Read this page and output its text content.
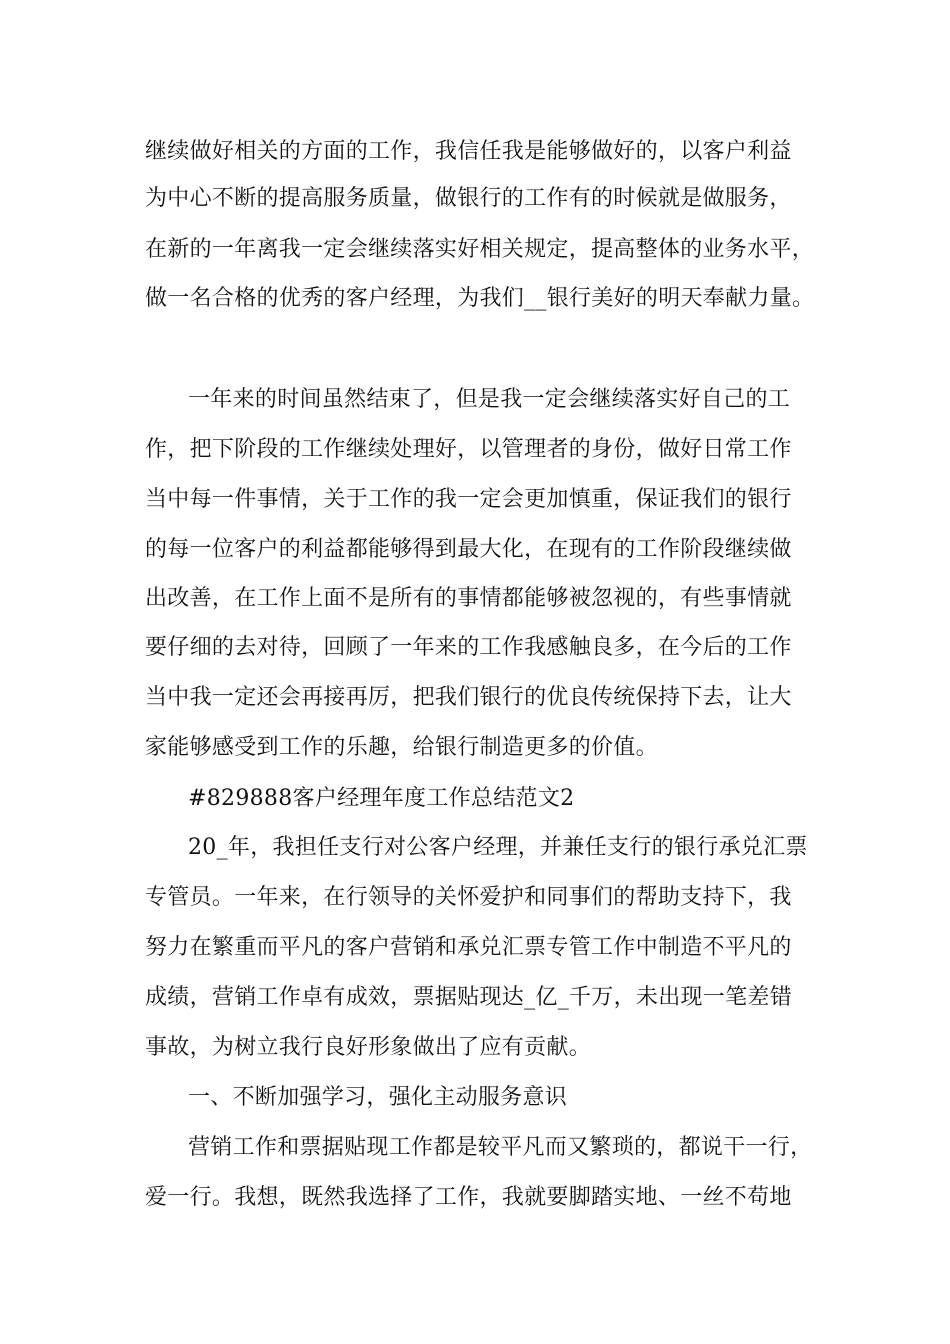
继续做好相关的方面的工作，我信任我是能够做好的，以客户利益
为中心不断的提高服务质量，做银行的工作有的时候就是做服务，
在新的一年离我一定会继续落实好相关规定，提高整体的业务水平，
做一名合格的优秀的客户经理，为我们__银行美好的明天奉献力量。
一年来的时间虽然结束了，但是我一定会继续落实好自己的工
作，把下阶段的工作继续处理好，以管理者的身份，做好日常工作
当中每一件事情，关于工作的我一定会更加慎重，保证我们的银行
的每一位客户的利益都能够得到最大化，在现有的工作阶段继续做
出改善，在工作上面不是所有的事情都能够被忽视的，有些事情就
要仔细的去对待，回顾了一年来的工作我感触良多，在今后的工作
当中我一定还会再接再厉，把我们银行的优良传统保持下去，让大
家能够感受到工作的乐趣，给银行制造更多的价值。
#829888客户经理年度工作总结范文2
20_年，我担任支行对公客户经理，并兼任支行的银行承兑汇票
专管员。一年来，在行领导的关怀爱护和同事们的帮助支持下，我
努力在繁重而平凡的客户营销和承兑汇票专管工作中制造不平凡的
成绩，营销工作卓有成效，票据贴现达_亿_千万，未出现一笔差错
事故，为树立我行良好形象做出了应有贡献。
一、不断加强学习，强化主动服务意识
营销工作和票据贴现工作都是较平凡而又繁琐的，都说干一行，
爱一行。我想，既然我选择了工作，我就要脚踏实地、一丝不苟地
